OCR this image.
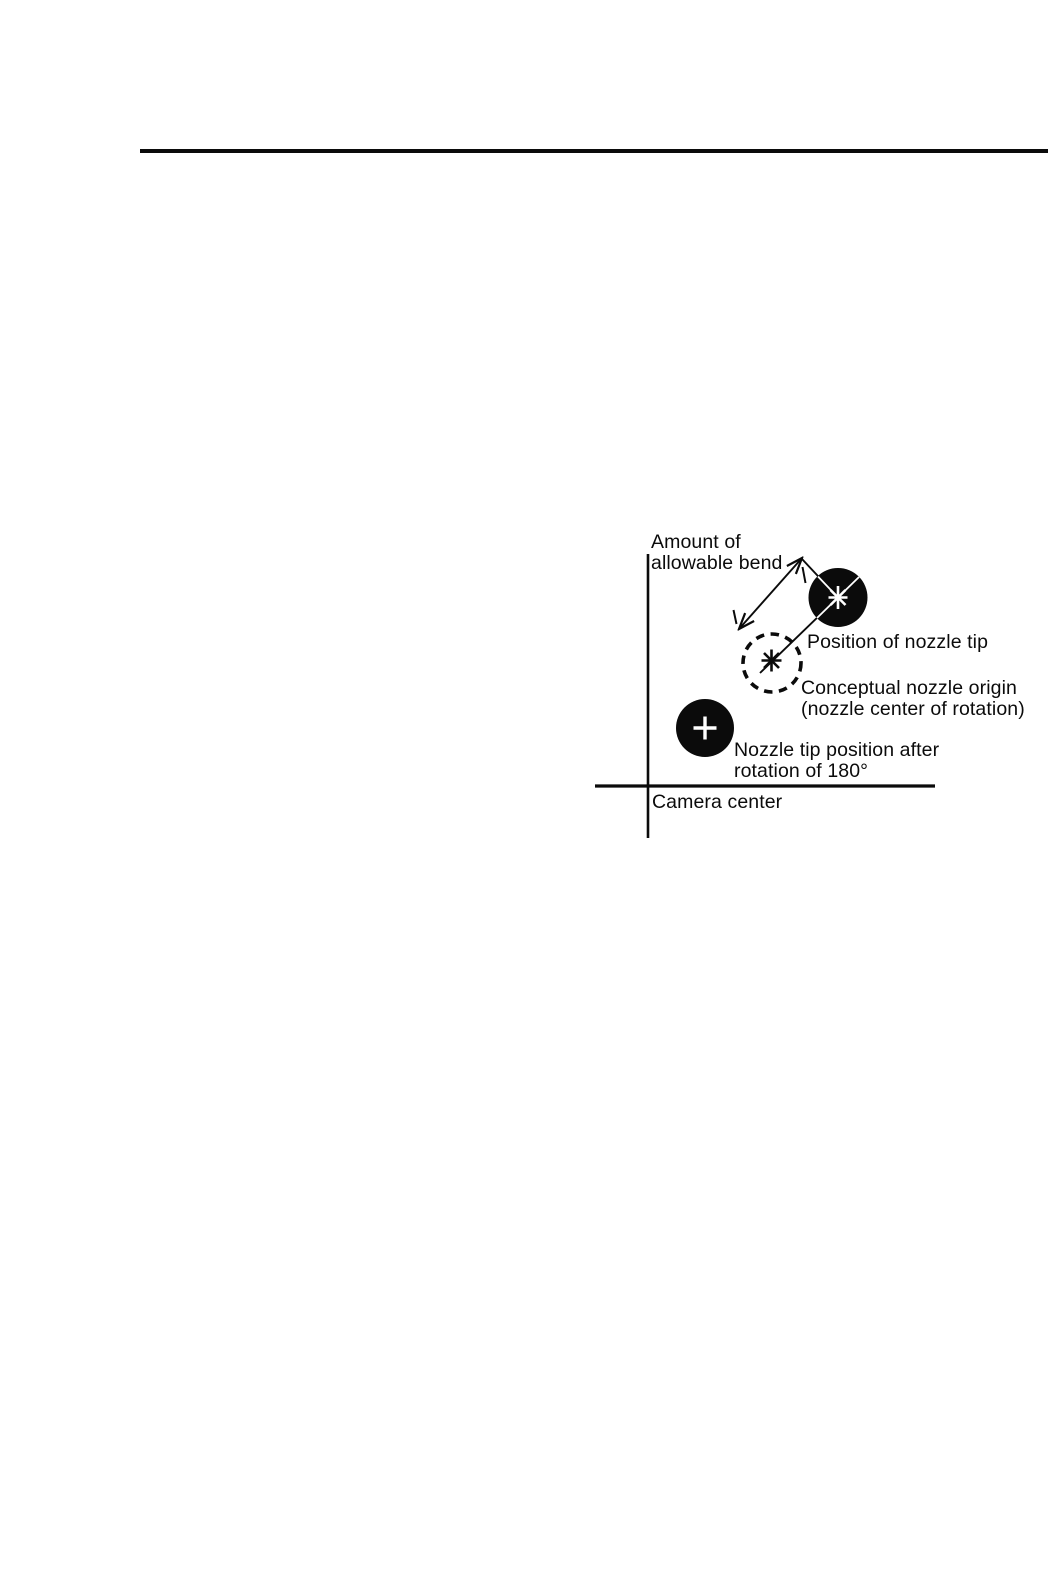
Amount of
allowable bend
Position of nozzle tip
Conceptual nozzle origin
(nozzle center of rotation)
Nozzle tip position after
rotation of 180°
Camera center
